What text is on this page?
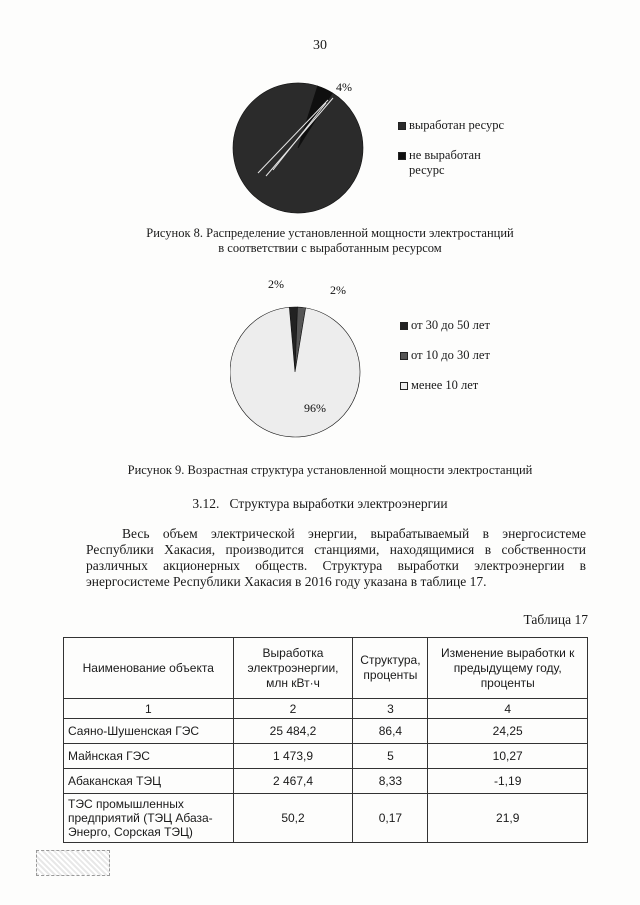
30
4%
выработан ресурс
не выработан
ресурс
Рисунок 8. Распределение установленной мощности электростанций
в соответствии с выработанным ресурсом
2%	2%
96%
от 30 до 50 лет
от 10 до 30 лет
менее 10 лет
Рисунок 9. Возрастная структура установленной мощности электростанций
3.12. Структура выработки электроэнергии
Весь объем электрической энергии, вырабатываемый в энергосистеме Республики Хакасия, производится станциями, находящимися в собственности различных акционерных обществ. Структура выработки электроэнергии в энергосистеме Республики Хакасия в 2016 году указана в таблице 17.
Таблица 17
Наименование объекта	Выработка электроэнергии, млн кВт·ч	Структура, проценты	Изменение выработки к предыдущему году, проценты
1	2	3	4
Саяно-Шушенская ГЭС	25 484,2	86,4	24,25
Майнская ГЭС	1 473,9	5	10,27
Абаканская ТЭЦ	2 467,4	8,33	-1,19
ТЭС промышленных предприятий (ТЭЦ Абаза-Энерго, Сорская ТЭЦ)	50,2	0,17	21,9
